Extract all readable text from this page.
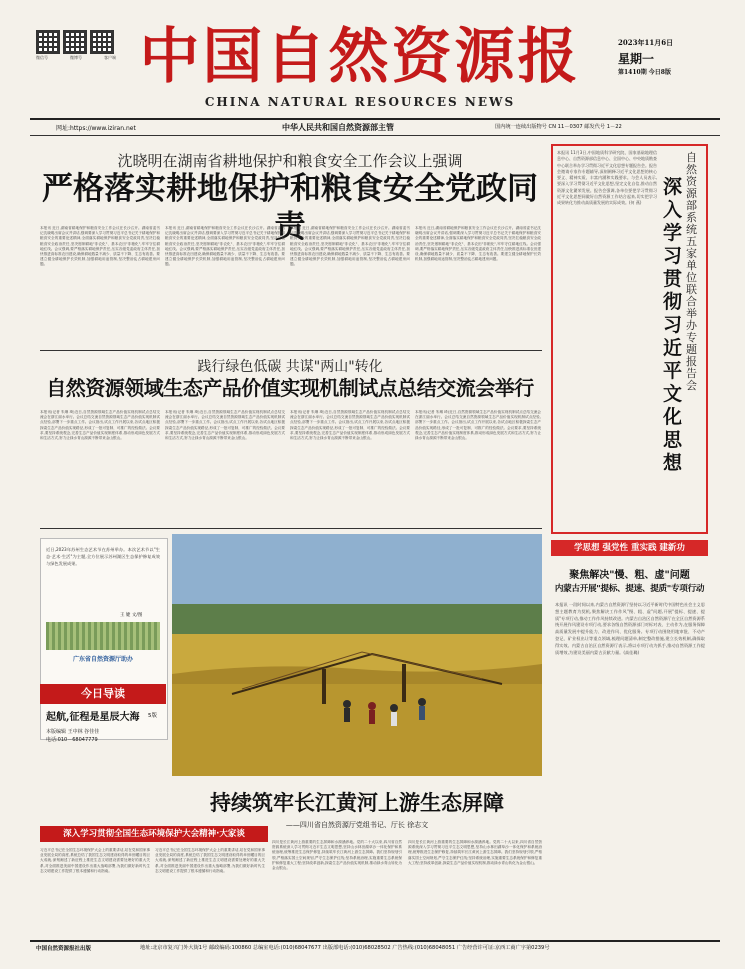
微信号	微博号	客户端 中国自然资源报
CHINA NATURAL RESOURCES NEWS
2023年11月6日
星期一
第1410期 今日8版
网址:https://www.iziran.net	中华人民共和国自然资源部主管	国内统一连续出版物号 CN 11－0307 邮发代号 1－22
沈晓明在湖南省耕地保护和粮食安全工作会议上强调
严格落实耕地保护和粮食安全党政同责
本报讯 近日,湖南省耕地保护和粮食安全工作会议在长沙召开。湖南省委书记沈晓明出席会议并讲话,强调要深入学习贯彻习近平总书记关于耕地保护和粮食安全的重要论述精神,全面落实耕地保护和粮食安全党政同责,坚决扛稳粮食安全政治责任,坚决遏制耕地"非农化"、基本农田"非粮化",牢牢守住耕地红线。会议强调,要严格落实耕地保护责任,压实各级党委政府主体责任,加快推进高标准农田建设,确保耕地数量不减少、质量不下降、生态有改善。要建立健全耕地保护长效机制,加强耕地用途管制,坚决整治乱占耕地建房问题。
本报讯 近日,湖南省耕地保护和粮食安全工作会议在长沙召开。湖南省委书记沈晓明出席会议并讲话,强调要深入学习贯彻习近平总书记关于耕地保护和粮食安全的重要论述精神,全面落实耕地保护和粮食安全党政同责,坚决扛稳粮食安全政治责任,坚决遏制耕地"非农化"、基本农田"非粮化",牢牢守住耕地红线。会议强调,要严格落实耕地保护责任,压实各级党委政府主体责任,加快推进高标准农田建设,确保耕地数量不减少、质量不下降、生态有改善。要建立健全耕地保护长效机制,加强耕地用途管制,坚决整治乱占耕地建房问题。
本报讯 近日,湖南省耕地保护和粮食安全工作会议在长沙召开。湖南省委书记沈晓明出席会议并讲话,强调要深入学习贯彻习近平总书记关于耕地保护和粮食安全的重要论述精神,全面落实耕地保护和粮食安全党政同责,坚决扛稳粮食安全政治责任,坚决遏制耕地"非农化"、基本农田"非粮化",牢牢守住耕地红线。会议强调,要严格落实耕地保护责任,压实各级党委政府主体责任,加快推进高标准农田建设,确保耕地数量不减少、质量不下降、生态有改善。要建立健全耕地保护长效机制,加强耕地用途管制,坚决整治乱占耕地建房问题。
本报讯 近日,湖南省耕地保护和粮食安全工作会议在长沙召开。湖南省委书记沈晓明出席会议并讲话,强调要深入学习贯彻习近平总书记关于耕地保护和粮食安全的重要论述精神,全面落实耕地保护和粮食安全党政同责,坚决扛稳粮食安全政治责任,坚决遏制耕地"非农化"、基本农田"非粮化",牢牢守住耕地红线。会议强调,要严格落实耕地保护责任,压实各级党委政府主体责任,加快推进高标准农田建设,确保耕地数量不减少、质量不下降、生态有改善。要建立健全耕地保护长效机制,加强耕地用途管制,坚决整治乱占耕地建房问题。
践行绿色低碳 共谋"两山"转化
自然资源领域生态产品价值实现机制试点总结交流会举行
本报讯(记者 朱琳 琦)近日,自然资源领域生态产品价值实现机制试点总结交流会在浙江丽水举行。会议总结交流自然资源领域生态产品价值实现机制试点经验,部署下一步重点工作。会议指出,试点工作开展以来,各试点地区积极探索生态产品价值实现路径,形成了一批可复制、可推广的经验做法。会议要求,要坚持系统观念,完善生态产品价值实现制度体系,推动形成绿色发展方式和生活方式,努力让绿水青山源源不断带来金山银山。
本报讯(记者 朱琳 琦)近日,自然资源领域生态产品价值实现机制试点总结交流会在浙江丽水举行。会议总结交流自然资源领域生态产品价值实现机制试点经验,部署下一步重点工作。会议指出,试点工作开展以来,各试点地区积极探索生态产品价值实现路径,形成了一批可复制、可推广的经验做法。会议要求,要坚持系统观念,完善生态产品价值实现制度体系,推动形成绿色发展方式和生活方式,努力让绿水青山源源不断带来金山银山。
本报讯(记者 朱琳 琦)近日,自然资源领域生态产品价值实现机制试点总结交流会在浙江丽水举行。会议总结交流自然资源领域生态产品价值实现机制试点经验,部署下一步重点工作。会议指出,试点工作开展以来,各试点地区积极探索生态产品价值实现路径,形成了一批可复制、可推广的经验做法。会议要求,要坚持系统观念,完善生态产品价值实现制度体系,推动形成绿色发展方式和生活方式,努力让绿水青山源源不断带来金山银山。
本报讯(记者 朱琳 琦)近日,自然资源领域生态产品价值实现机制试点总结交流会在浙江丽水举行。会议总结交流自然资源领域生态产品价值实现机制试点经验,部署下一步重点工作。会议指出,试点工作开展以来,各试点地区积极探索生态产品价值实现路径,形成了一批可复制、可推广的经验做法。会议要求,要坚持系统观念,完善生态产品价值实现制度体系,推动形成绿色发展方式和生活方式,努力让绿水青山源源不断带来金山银山。
近日,2023年苏州生态艺术节在苏州举办。本次艺术节以"生态·艺术·生活"为主题,全方位展示苏州湖区生态保护修复成效与绿色发展成果。
王 婕 文/图
广东省自然资源厅助办
今日导读
起航,征程是星辰大海 5版
本版编辑 王中林 谷佳佳
电话:010－68047779
本报讯 11月3日,中国地质科学研究院、国家基础地理信息中心、自然资源部信息中心、全国中心、中央地质勘查中心联合举办学习贯彻习近平文化思想专题报告会。报告会邀请专家作专题辅导,深刻阐释习近平文化思想的核心要义、精神实质、丰富内涵和实践要求。与会人员表示,要深入学习贯彻习近平文化思想,坚定文化自信,推动自然资源文化繁荣发展。报告会强调,各单位要把学习贯彻习近平文化思想同做好自然资源工作结合起来,切实把学习成果转化为推动高质量发展的实际成效。(何 燕)
自然资源部系统五家单位联合举办专题报告会
深入学习贯彻习近平文化思想
学思想 强党性 重实践 建新功
聚焦解决"慢、粗、虚"问题
内蒙古开展"提标、提速、提质"专项行动
本报讯 一段时间以来,内蒙古自然资源厅坚持以习近平新时代中国特色社会主义思想主题教育为契机,聚焦解决工作作风"慢、粗、虚"问题,开展"提标、提速、提质"专项行动,推动工作作风持续改进。内蒙古自治区自然资源厅在全区自然资源系统开展作风建设专项行动,要求各级自然资源部门对标对表、主动作为,在服务保障高质量发展中提升能力、改进作风、优化服务。专项行动围绕用地审批、不动产登记、矿业权出让等重点领域,梳理问题清单,制定整改措施,建立长效机制,确保取得实效。内蒙古自治区自然资源厅表示,将以专项行动为抓手,推动自然资源工作提质增效,为建设美丽内蒙古贡献力量。(高佳璐)
持续筑牢长江黄河上游生态屏障
——四川省自然资源厅党组书记、厅长 徐志文
深入学习贯彻全国生态环境保护大会精神·大家谈
习近平总书记在全国生态环境保护大会上的重要讲话,站在党和国家事业发展全局的高度,系统总结了我国生态文明建设取得的举世瞩目的巨大成就,深刻阐述了新征程上推进生态文明建设需要处理好的重大关系,对全面推进美丽中国建设作出重大战略部署,为我们做好新时代生态文明建设工作提供了根本遵循和行动指南。
习近平总书记在全国生态环境保护大会上的重要讲话,站在党和国家事业发展全局的高度,系统总结了我国生态文明建设取得的举世瞩目的巨大成就,深刻阐述了新征程上推进生态文明建设需要处理好的重大关系,对全面推进美丽中国建设作出重大战略部署,为我们做好新时代生态文明建设工作提供了根本遵循和行动指南。
四川是长江黄河上游重要的生态屏障和水源涵养地。党的二十大以来,四川省自然资源系统深入学习贯彻习近平生态文明思想,坚持山水林田湖草沙一体化保护和系统治理,统筹推进生态保护修复,持续筑牢长江黄河上游生态屏障。我们坚持规划引领,严格落实国土空间规划,严守生态保护红线;坚持系统治理,实施重要生态系统保护和修复重大工程;坚持改革创新,探索生态产品价值实现机制,推动绿水青山转化为金山银山。
四川是长江黄河上游重要的生态屏障和水源涵养地。党的二十大以来,四川省自然资源系统深入学习贯彻习近平生态文明思想,坚持山水林田湖草沙一体化保护和系统治理,统筹推进生态保护修复,持续筑牢长江黄河上游生态屏障。我们坚持规划引领,严格落实国土空间规划,严守生态保护红线;坚持系统治理,实施重要生态系统保护和修复重大工程;坚持改革创新,探索生态产品价值实现机制,推动绿水青山转化为金山银山。
中国自然资源报社出版	地址:北京市复兴门外大街1号 邮政编码:100860 总编室电话:(010)68047677 出版部电话:(010)68028502 广告热线:(010)68048051 广告经营许可证:京西工商广字第0239号
